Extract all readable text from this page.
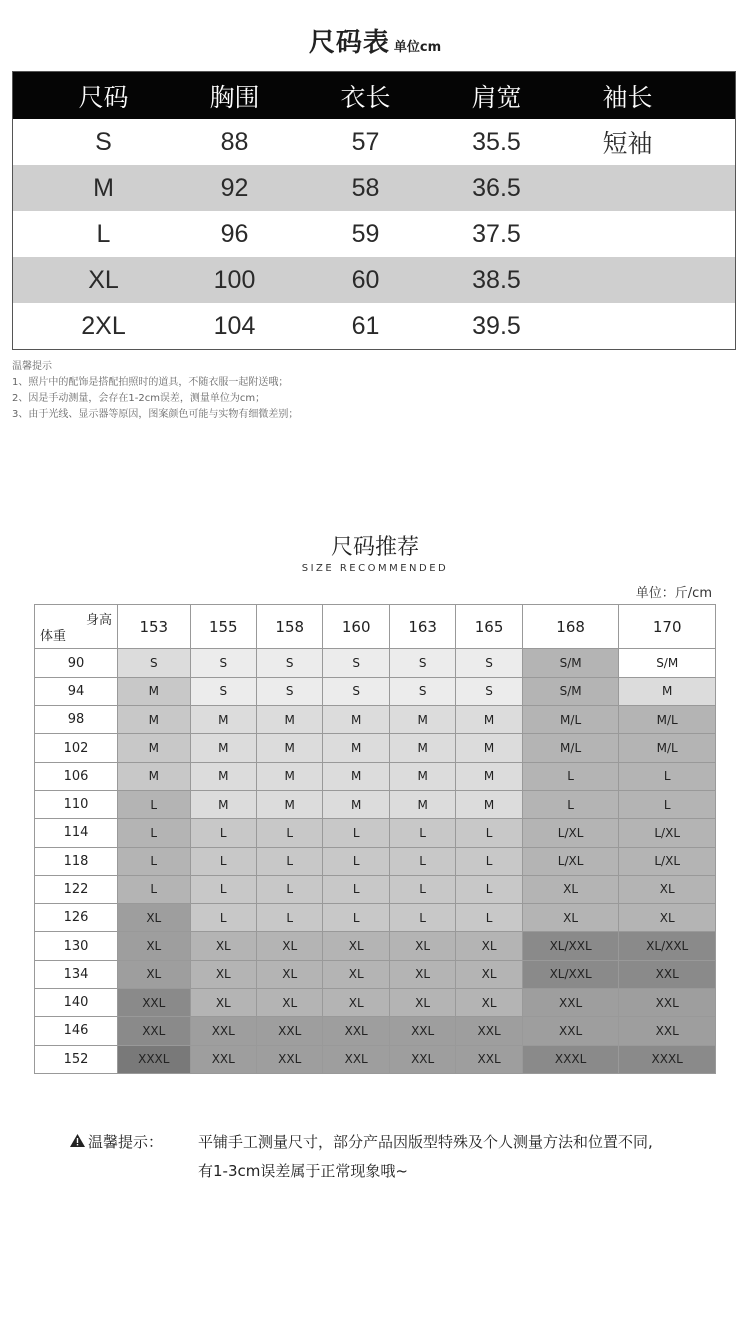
尺码表 单位cm
尺码	胸围	衣长	肩宽	袖长
S	88	57	35.5	短袖
M	92	58	36.5
L	96	59	37.5
XL	100	60	38.5
2XL	104	61	39.5
温馨提示
1、照片中的配饰是搭配拍照时的道具，不随衣服一起附送哦；
2、因是手动测量，会存在1-2cm误差，测量单位为cm；
3、由于光线、显示器等原因，图案颜色可能与实物有细微差别；
尺码推荐
SIZE RECOMMENDED
单位：斤/cm
身高
体重	153	155	158	160	163	165	168	170
90	S	S	S	S	S	S	S/M	S/M
94	M	S	S	S	S	S	S/M	M
98	M	M	M	M	M	M	M/L	M/L
102	M	M	M	M	M	M	M/L	M/L
106	M	M	M	M	M	M	L	L
110	L	M	M	M	M	M	L	L
114	L	L	L	L	L	L	L/XL	L/XL
118	L	L	L	L	L	L	L/XL	L/XL
122	L	L	L	L	L	L	XL	XL
126	XL	L	L	L	L	L	XL	XL
130	XL	XL	XL	XL	XL	XL	XL/XXL	XL/XXL
134	XL	XL	XL	XL	XL	XL	XL/XXL	XXL
140	XXL	XL	XL	XL	XL	XL	XXL	XXL
146	XXL	XXL	XXL	XXL	XXL	XXL	XXL	XXL
152	XXXL	XXL	XXL	XXL	XXL	XXL	XXXL	XXXL
温馨提示：	平铺手工测量尺寸，部分产品因版型特殊及个人测量方法和位置不同,
有1-3cm误差属于正常现象哦~
